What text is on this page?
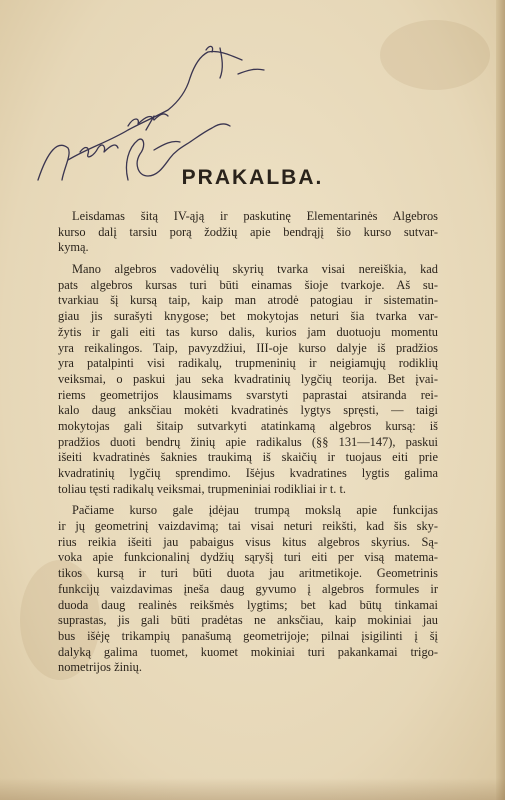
PRAKALBA.
Leisdamas šitą IV-ąją ir paskutinę Elementarinės Algebros
kurso dalį tarsiu porą žodžių apie bendrąjį šio kurso sutvar-
kymą.
Mano algebros vadovėlių skyrių tvarka visai nereiškia, kad
pats algebros kursas turi būti einamas šioje tvarkoje. Aš su-
tvarkiau šį kursą taip, kaip man atrodė patogiau ir sistematin-
giau jis surašyti knygose; bet mokytojas neturi šia tvarka var-
žytis ir gali eiti tas kurso dalis, kurios jam duotuoju momentu
yra reikalingos. Taip, pavyzdžiui, III-oje kurso dalyje iš pradžios
yra patalpinti visi radikalų, trupmeninių ir neigiamųjų rodiklių
veiksmai, o paskui jau seka kvadratinių lygčių teorija. Bet įvai-
riems geometrijos klausimams svarstyti paprastai atsiranda rei-
kalo daug anksčiau mokėti kvadratinės lygtys spręsti, — taigi
mokytojas gali šitaip sutvarkyti atatinkamą algebros kursą: iš
pradžios duoti bendrų žinių apie radikalus (§§ 131—147), paskui
išeiti kvadratinės šaknies traukimą iš skaičių ir tuojaus eiti prie
kvadratinių lygčių sprendimo. Išėjus kvadratines lygtis galima
toliau tęsti radikalų veiksmai, trupmeniniai rodikliai ir t. t.
Pačiame kurso gale įdėjau trumpą mokslą apie funkcijas
ir jų geometrinį vaizdavimą; tai visai neturi reikšti, kad šis sky-
rius reikia išeiti jau pabaigus visus kitus algebros skyrius. Są-
voka apie funkcionalinį dydžių sąryšį turi eiti per visą matema-
tikos kursą ir turi būti duota jau aritmetikoje. Geometrinis
funkcijų vaizdavimas įneša daug gyvumo į algebros formules ir
duoda daug realinės reikšmės lygtims; bet kad būtų tinkamai
suprastas, jis gali būti pradėtas ne anksčiau, kaip mokiniai jau
bus išėję trikampių panašumą geometrijoje; pilnai įsigilinti į šį
dalyką galima tuomet, kuomet mokiniai turi pakankamai trigo-
nometrijos žinių.
